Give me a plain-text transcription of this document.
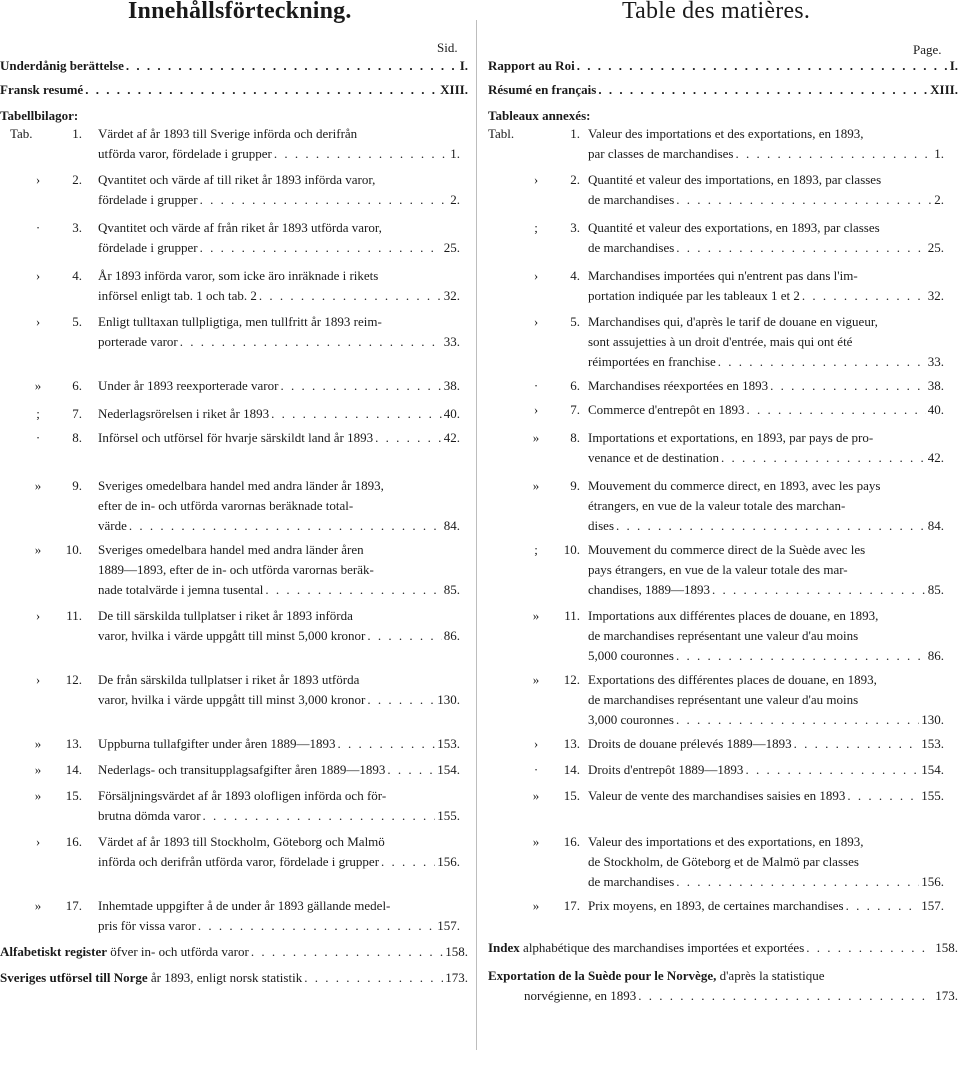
Innehållsförteckning.
Sid.
Underdånig berättelse . . .	I.
Fransk resumé . . .	XIII.
Tabellbilagor:
Tab.	1. Värdet af år 1893 till Sverige införda och derifrån
utförda varor, fördelade i grupper . . .	1.
›	2. Qvantitet och värde af till riket år 1893 införda varor,
fördelade i grupper . . .	2.
·	3. Qvantitet och värde af från riket år 1893 utförda varor,
fördelade i grupper . . .	25.
›	4. År 1893 införda varor, som icke äro inräknade i rikets
införsel enligt tab. 1 och tab. 2 . . .	32.
›	5. Enligt tulltaxan tullpligtiga, men tullfritt år 1893 reim-
porterade varor . . .	33.
»	6. Under år 1893 reexporterade varor . . .	38.
;	7. Nederlagsrörelsen i riket år 1893 . . .	40.
·	8. Införsel och utförsel för hvarje särskildt land år 1893 . . .	42.
»	9. Sveriges omedelbara handel med andra länder år 1893,
efter de in- och utförda varornas beräknade total-
värde . . .	84.
»	10. Sveriges omedelbara handel med andra länder åren
1889—1893, efter de in- och utförda varornas beräk-
nade totalvärde i jemna tusental . . .	85.
›	11. De till särskilda tullplatser i riket år 1893 införda
varor, hvilka i värde uppgått till minst 5,000 kronor . . .	86.
›	12. De från särskilda tullplatser i riket år 1893 utförda
varor, hvilka i värde uppgått till minst 3,000 kronor . . .	130.
»	13. Uppburna tullafgifter under åren 1889—1893 . . .	153.
»	14. Nederlags- och transitupplagsafgifter åren 1889—1893 . . .	154.
»	15. Försäljningsvärdet af år 1893 olofligen införda och för-
brutna dömda varor . . .	155.
›	16. Värdet af år 1893 till Stockholm, Göteborg och Malmö
införda och derifrån utförda varor, fördelade i grupper . . .	156.
»	17. Inhemtade uppgifter å de under år 1893 gällande medel-
pris för vissa varor . . .	157.
Alfabetiskt register öfver in- och utförda varor . . .	158.
Sveriges utförsel till Norge år 1893, enligt norsk statistik . . .	173.
Table des matières.
Page.
Rapport au Roi . . .	I.
Résumé en français . . .	XIII.
Tableaux annexés:
Tabl.	1. Valeur des importations et des exportations, en 1893,
par classes de marchandises . . .	1.
›	2. Quantité et valeur des importations, en 1893, par classes
de marchandises . . .	2.
;	3. Quantité et valeur des exportations, en 1893, par classes
de marchandises . . .	25.
›	4. Marchandises importées qui n'entrent pas dans l'im-
portation indiquée par les tableaux 1 et 2 . . .	32.
›	5. Marchandises qui, d'après le tarif de douane en vigueur,
sont assujetties à un droit d'entrée, mais qui ont été
réimportées en franchise . . .	33.
·	6. Marchandises réexportées en 1893 . . .	38.
›	7. Commerce d'entrepôt en 1893 . . .	40.
»	8. Importations et exportations, en 1893, par pays de pro-
venance et de destination . . .	42.
»	9. Mouvement du commerce direct, en 1893, avec les pays
étrangers, en vue de la valeur totale des marchan-
dises . . .	84.
;	10. Mouvement du commerce direct de la Suède avec les
pays étrangers, en vue de la valeur totale des mar-
chandises, 1889—1893 . . .	85.
»	11. Importations aux différentes places de douane, en 1893,
de marchandises représentant une valeur d'au moins
5,000 couronnes . . .	86.
»	12. Exportations des différentes places de douane, en 1893,
de marchandises représentant une valeur d'au moins
3,000 couronnes . . .	130.
›	13. Droits de douane prélevés 1889—1893 . . .	153.
·	14. Droits d'entrepôt 1889—1893 . . .	154.
»	15. Valeur de vente des marchandises saisies en 1893 . . .	155.
»	16. Valeur des importations et des exportations, en 1893,
de Stockholm, de Göteborg et de Malmö par classes
de marchandises . . .	156.
»	17. Prix moyens, en 1893, de certaines marchandises . . .	157.
Index alphabétique des marchandises importées et exportées . . .	158.
Exportation de la Suède pour le Norvège, d'après la statistique
norvégienne, en 1893 . . .	173.
